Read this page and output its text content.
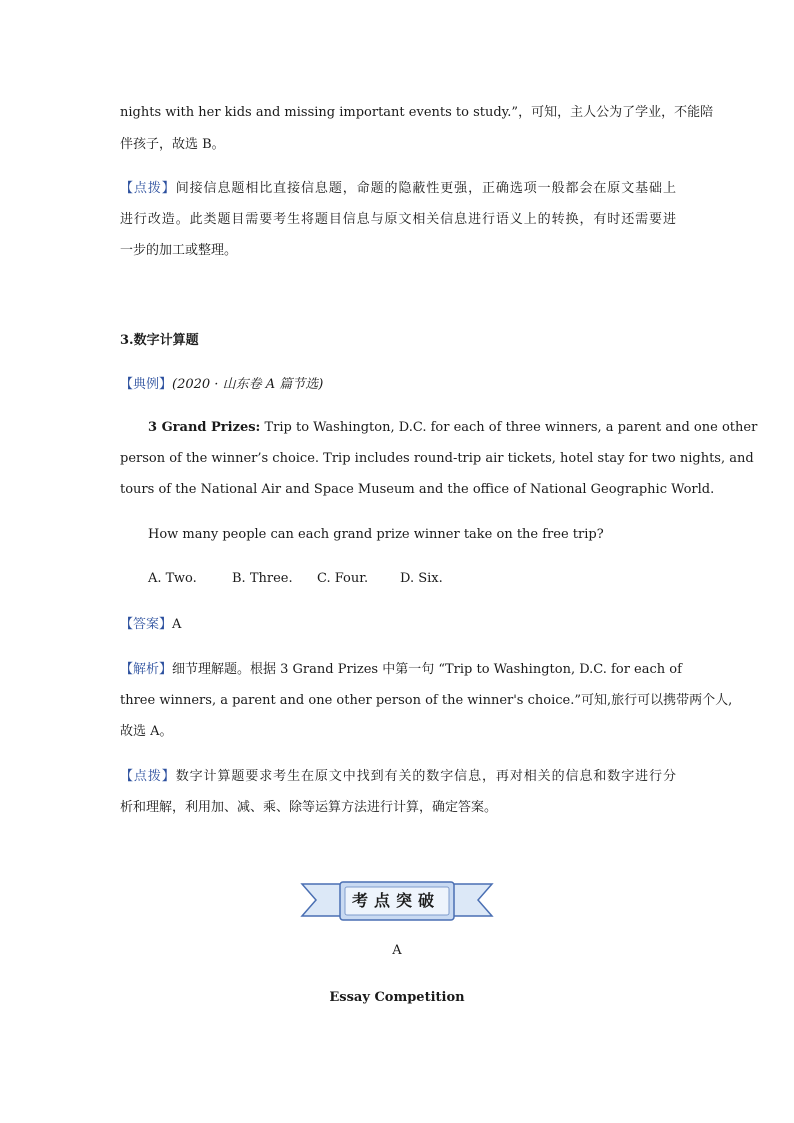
nights with her kids and missing important events to study.”，可知，主人公为了学业，不能陪
伴孩子，故选 B。
【点拨】间接信息题相比直接信息题，命题的隐蔽性更强，正确选项一般都会在原文基础上
进行改造。此类题目需要考生将题目信息与原文相关信息进行语义上的转换，有时还需要进
一步的加工或整理。
3.数字计算题
【典例】(2020 · 山东卷 A 篇节选)
3 Grand Prizes: Trip to Washington, D.C. for each of three winners, a parent and one other
person of the winner’s choice. Trip includes round-trip air tickets, hotel stay for two nights, and
tours of the National Air and Space Museum and the office of National Geographic World.
How many people can each grand prize winner take on the free trip?
A. Two.	B. Three. C. Four. D. Six.
【答案】A
【解析】细节理解题。根据 3 Grand Prizes 中第一句 “Trip to Washington, D.C. for each of
three winners, a parent and one other person of the winner's choice.”可知,旅行可以携带两个人,
故选 A。
【点拨】数字计算题要求考生在原文中找到有关的数字信息，再对相关的信息和数字进行分
析和理解，利用加、减、乘、除等运算方法进行计算，确定答案。
考点突破
A
Essay Competition
